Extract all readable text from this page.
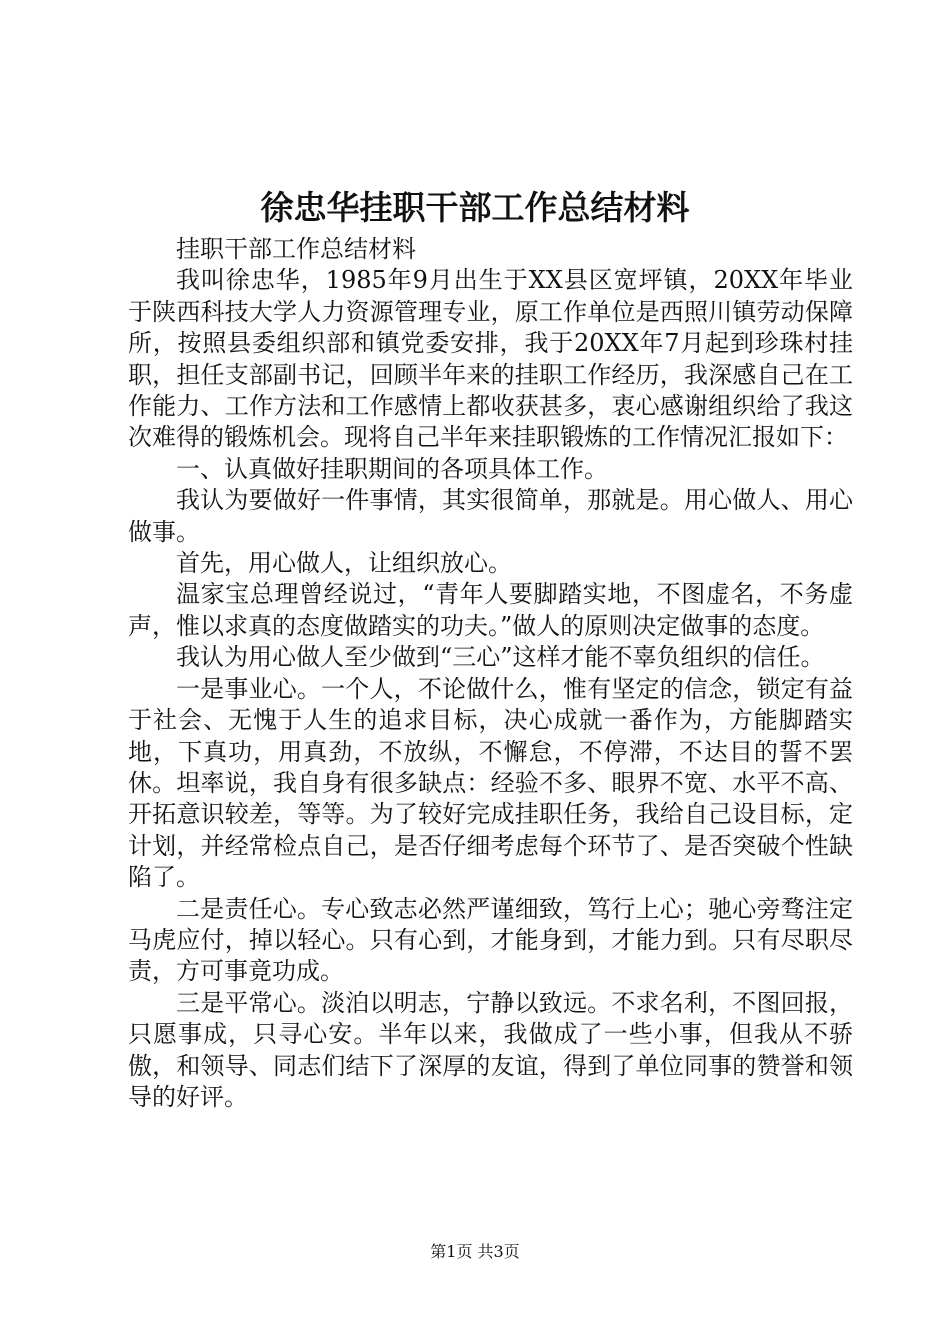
徐忠华挂职干部工作总结材料

挂职干部工作总结材料

我叫徐忠华，1985年9月出生于XX县区宽坪镇，20XX年毕业于陕西科技大学人力资源管理专业，原工作单位是西照川镇劳动保障所，按照县委组织部和镇党委安排，我于20XX年7月起到珍珠村挂职，担任支部副书记，回顾半年来的挂职工作经历，我深感自己在工作能力、工作方法和工作感情上都收获甚多，衷心感谢组织给了我这次难得的锻炼机会。现将自己半年来挂职锻炼的工作情况汇报如下：

一、认真做好挂职期间的各项具体工作。

我认为要做好一件事情，其实很简单，那就是。用心做人、用心做事。

首先，用心做人，让组织放心。

温家宝总理曾经说过，“青年人要脚踏实地，不图虚名，不务虚声，惟以求真的态度做踏实的功夫。”做人的原则决定做事的态度。

我认为用心做人至少做到“三心”这样才能不辜负组织的信任。

一是事业心。一个人，不论做什么，惟有坚定的信念，锁定有益于社会、无愧于人生的追求目标，决心成就一番作为，方能脚踏实地，下真功，用真劲，不放纵，不懈怠，不停滞，不达目的誓不罢休。坦率说，我自身有很多缺点：经验不多、眼界不宽、水平不高、开拓意识较差，等等。为了较好完成挂职任务，我给自己设目标，定计划，并经常检点自己，是否仔细考虑每个环节了、是否突破个性缺陷了。

二是责任心。专心致志必然严谨细致，笃行上心；驰心旁骛注定马虎应付，掉以轻心。只有心到，才能身到，才能力到。只有尽职尽责，方可事竟功成。

三是平常心。淡泊以明志，宁静以致远。不求名利，不图回报，只愿事成，只寻心安。半年以来，我做成了一些小事，但我从不骄傲，和领导、同志们结下了深厚的友谊，得到了单位同事的赞誉和领导的好评。

第1页 共3页
